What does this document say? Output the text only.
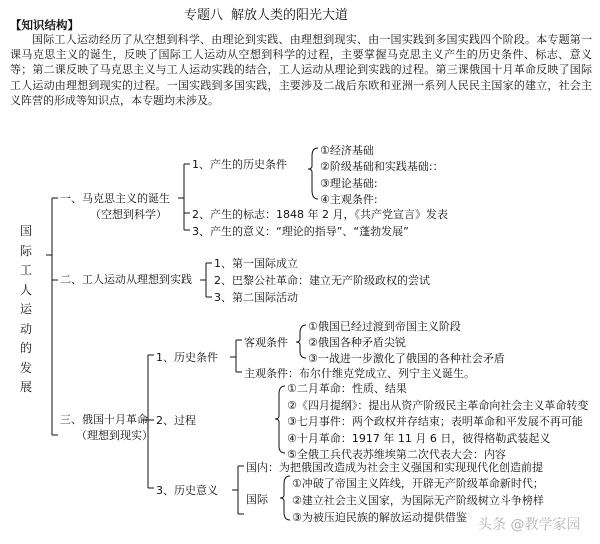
专题八 解放人类的阳光大道
【知识结构】

国际工人运动经历了从空想到科学、由理论到实践、由理想到现实、由一国实践到多国实践四个阶段。本专题第一课马克思主义的诞生，反映了国际工人运动从空想到科学的过程，主要掌握马克思主义产生的历史条件、标志、意义等；第二课反映了马克思主义与工人运动实践的结合，工人运动从理论到实践的过程。第三课俄国十月革命反映了国际工人运动由理想到现实的过程。一国实践到多国实践，主要涉及二战后东欧和亚洲一系列人民民主国家的建立，社会主义阵营的形成等知识点，本专题均未涉及。

国际工人运动的发展
一、马克思主义的诞生
（空想到科学）
1、产生的历史条件
①经济基础
②阶级基础和实践基础:：
③理论基础:
④主观条件:
2、产生的标志：1848 年 2 月，《共产党宣言》发表
3、产生的意义：“理论的指导”、“蓬勃发展”
二、工人运动从理想到实践
1、第一国际成立
2、巴黎公社革命：建立无产阶级政权的尝试
3、第二国际活动
三、俄国十月革命
（理想到现实）
1、历史条件
客观条件
①俄国已经过渡到帝国主义阶段
②俄国各种矛盾尖锐
③一战进一步激化了俄国的各种社会矛盾
主观条件：布尔什维克党成立、列宁主义诞生。
2、过程
①二月革命：性质、结果
②《四月提纲》：提出从资产阶级民主革命向社会主义革命转变
③七月事件：两个政权并存结束；表明革命和平发展不再可能
④十月革命：1917 年 11 月 6 日，彼得格勒武装起义
⑤全俄工兵代表苏维埃第二次代表大会：内容
3、历史意义
国内：为把俄国改造成为社会主义强国和实现现代化创造前提
国际
①冲破了帝国主义阵线，开辟无产阶级革命新时代；
②建立社会主义国家，为国际无产阶级树立斗争榜样
③为被压迫民族的解放运动提供借鉴 头条 @教学家园
